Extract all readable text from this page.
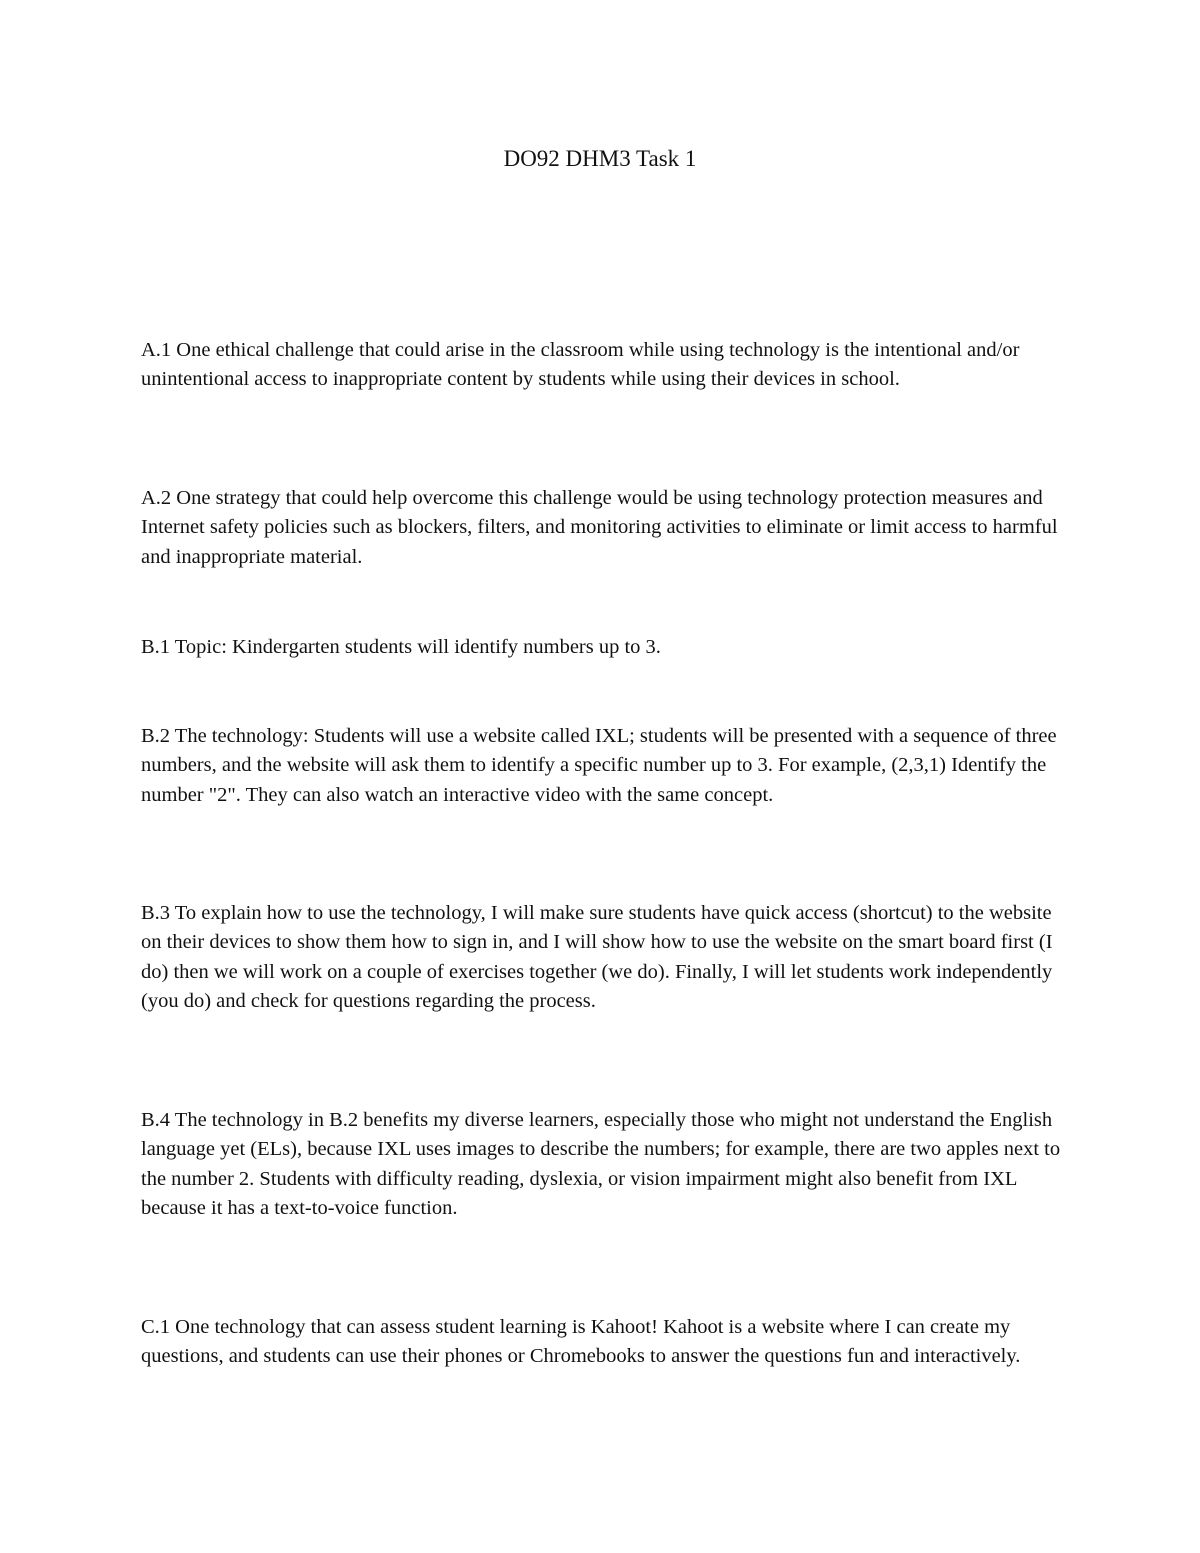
DO92 DHM3 Task 1

A.1 One ethical challenge that could arise in the classroom while using technology is the intentional and/or unintentional access to inappropriate content by students while using their devices in school.

A.2 One strategy that could help overcome this challenge would be using technology protection measures and Internet safety policies such as blockers, filters, and monitoring activities to eliminate or limit access to harmful and inappropriate material.

B.1 Topic: Kindergarten students will identify numbers up to 3.

B.2 The technology: Students will use a website called IXL; students will be presented with a sequence of three numbers, and the website will ask them to identify a specific number up to 3. For example, (2,3,1) Identify the number "2". They can also watch an interactive video with the same concept.

B.3 To explain how to use the technology, I will make sure students have quick access (shortcut) to the website on their devices to show them how to sign in, and I will show how to use the website on the smart board first (I do) then we will work on a couple of exercises together (we do). Finally, I will let students work independently (you do) and check for questions regarding the process.

B.4 The technology in B.2 benefits my diverse learners, especially those who might not understand the English language yet (ELs), because IXL uses images to describe the numbers; for example, there are two apples next to the number 2. Students with difficulty reading, dyslexia, or vision impairment might also benefit from IXL because it has a text-to-voice function.

C.1 One technology that can assess student learning is Kahoot! Kahoot is a website where I can create my questions, and students can use their phones or Chromebooks to answer the questions fun and interactively.
